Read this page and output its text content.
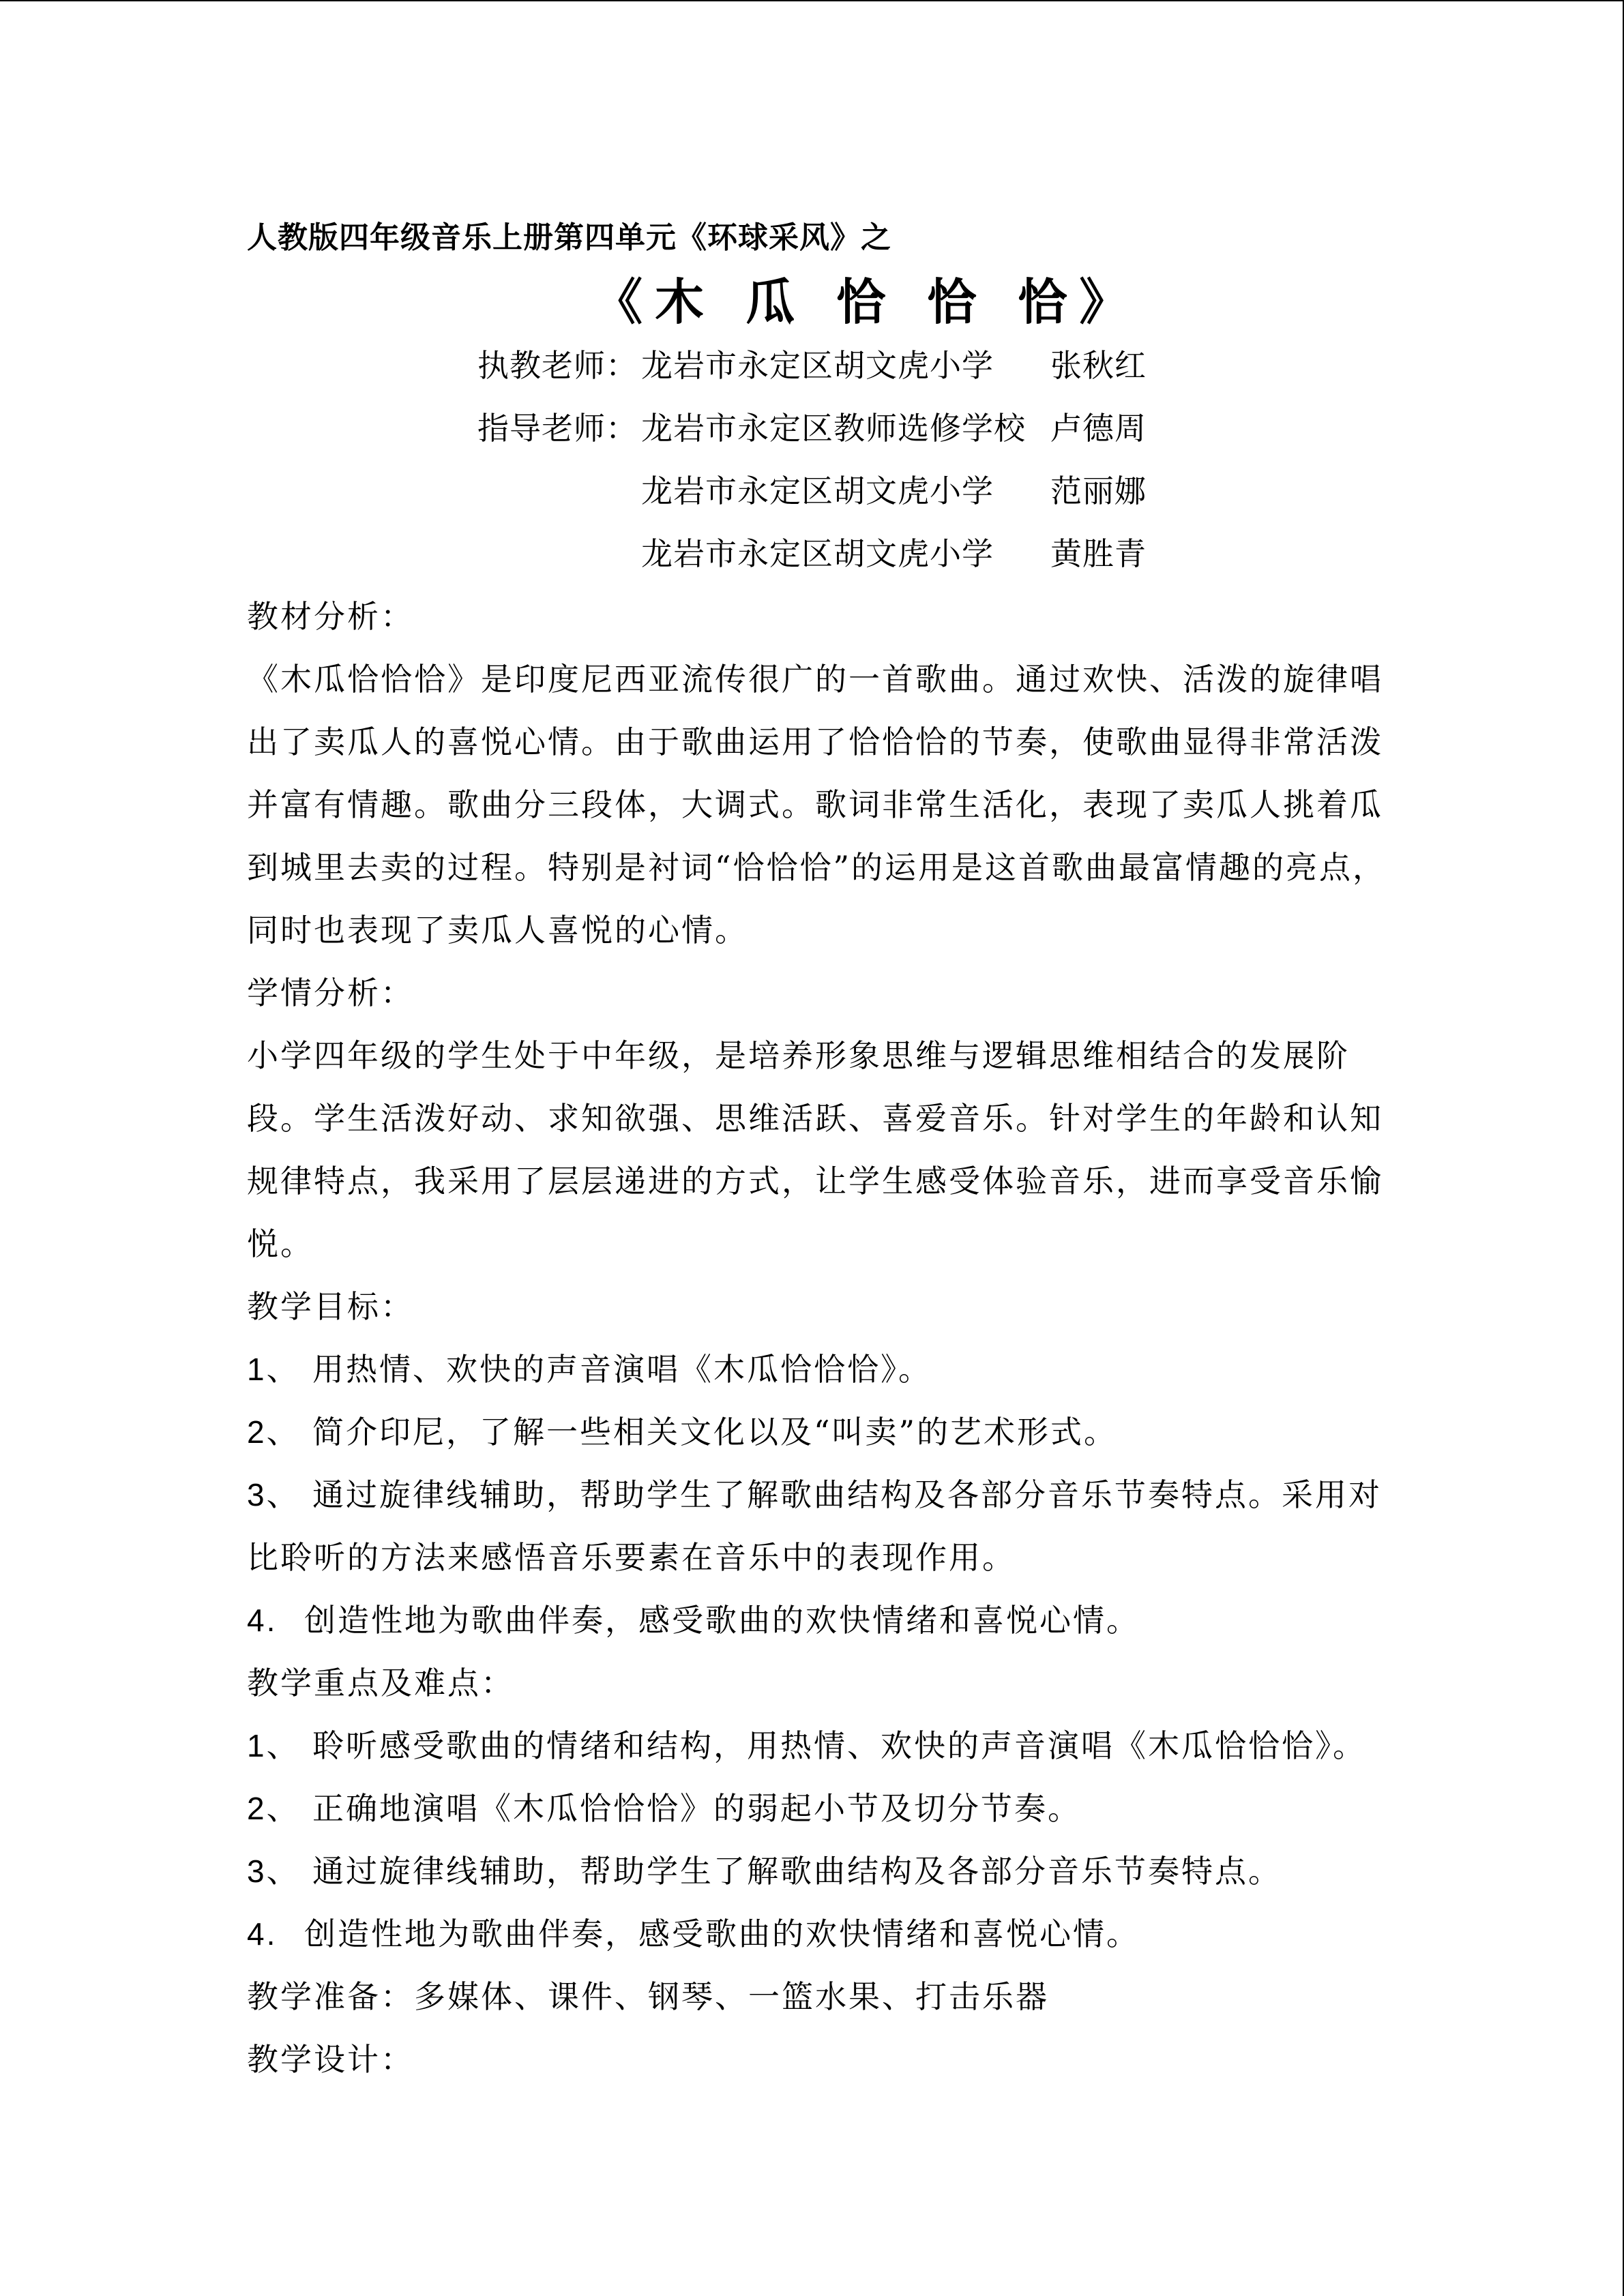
人教版四年级音乐上册第四单元《环球采风》之
《木 瓜 恰 恰 恰》
执教老师： 龙岩市永定区胡文虎小学 张秋红
指导老师： 龙岩市永定区教师选修学校 卢德周
龙岩市永定区胡文虎小学 范丽娜
龙岩市永定区胡文虎小学 黄胜青
教材分析：
《木瓜恰恰恰》是印度尼西亚流传很广的一首歌曲。通过欢快、活泼的旋律唱
出了卖瓜人的喜悦心情。由于歌曲运用了恰恰恰的节奏，使歌曲显得非常活泼
并富有情趣。歌曲分三段体，大调式。歌词非常生活化，表现了卖瓜人挑着瓜
到城里去卖的过程。特别是衬词“恰恰恰”的运用是这首歌曲最富情趣的亮点，
同时也表现了卖瓜人喜悦的心情。
学情分析：
小学四年级的学生处于中年级，是培养形象思维与逻辑思维相结合的发展阶
段。学生活泼好动、求知欲强、思维活跃、喜爱音乐。针对学生的年龄和认知
规律特点，我采用了层层递进的方式，让学生感受体验音乐，进而享受音乐愉
悦。
教学目标：
1、 用热情、欢快的声音演唱《木瓜恰恰恰》。
2、 简介印尼，了解一些相关文化以及“叫卖”的艺术形式。
3、 通过旋律线辅助，帮助学生了解歌曲结构及各部分音乐节奏特点。采用对
比聆听的方法来感悟音乐要素在音乐中的表现作用。
4. 创造性地为歌曲伴奏，感受歌曲的欢快情绪和喜悦心情。
教学重点及难点：
1、 聆听感受歌曲的情绪和结构，用热情、欢快的声音演唱《木瓜恰恰恰》。
2、 正确地演唱《木瓜恰恰恰》的弱起小节及切分节奏。
3、 通过旋律线辅助，帮助学生了解歌曲结构及各部分音乐节奏特点。
4. 创造性地为歌曲伴奏，感受歌曲的欢快情绪和喜悦心情。
教学准备：多媒体、课件、钢琴、一篮水果、打击乐器
教学设计：
